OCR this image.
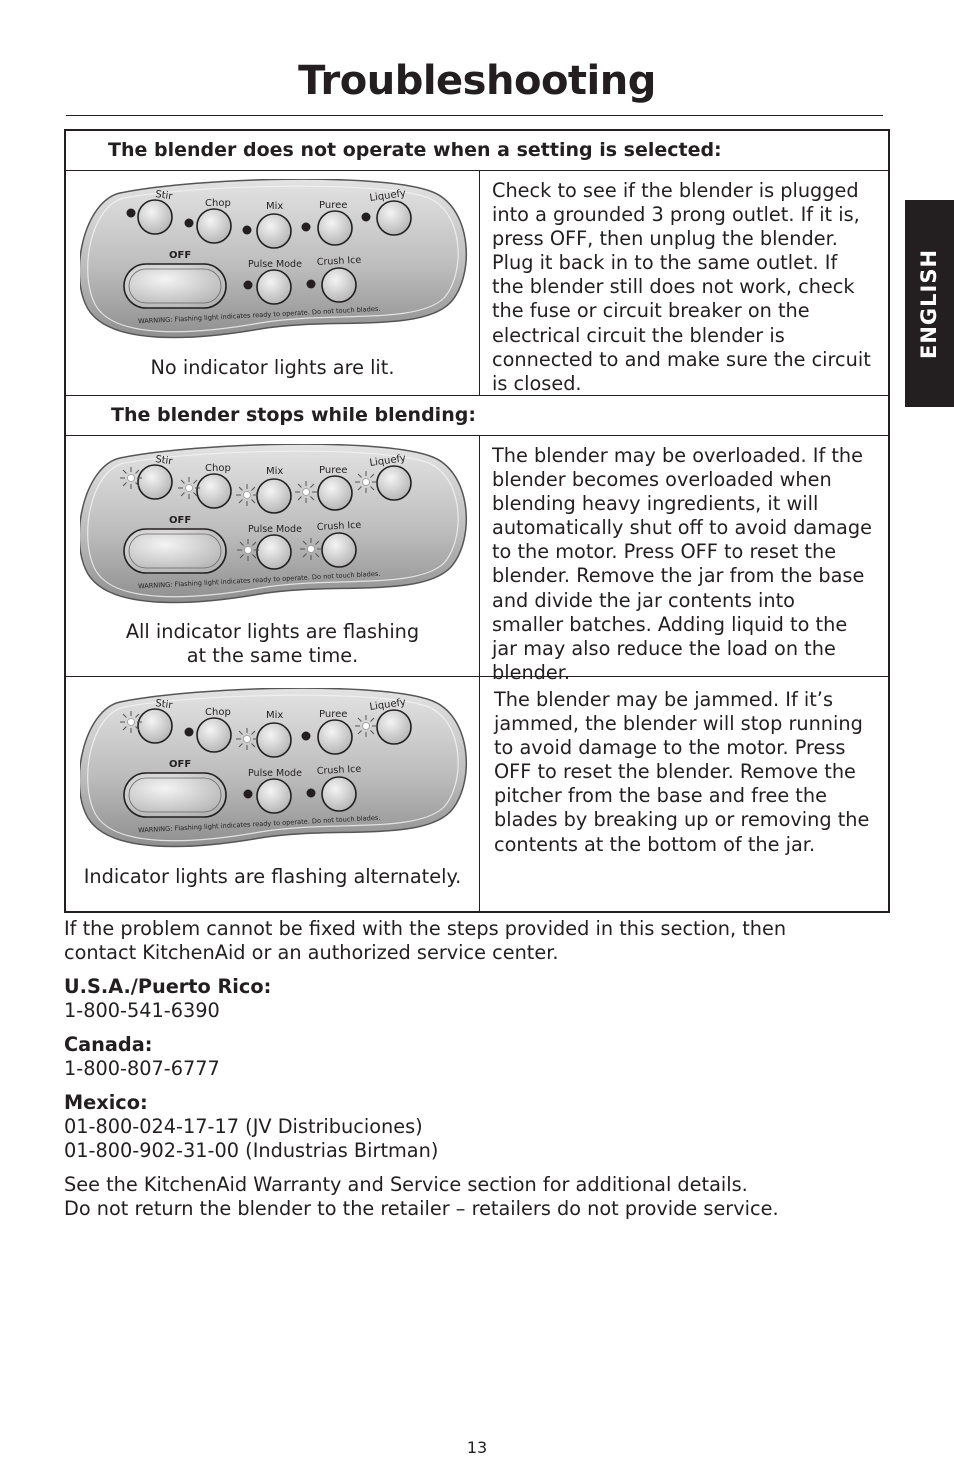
Troubleshooting
ENGLISH
The blender does not operate when a setting is selected:
No indicator lights are lit.
Check to see if the blender is plugged into a grounded 3 prong outlet. If it is, press OFF, then unplug the blender. Plug it back in to the same outlet. If the blender still does not work, check the fuse or circuit breaker on the electrical circuit the blender is connected to and make sure the circuit is closed.
The blender stops while blending:
All indicator lights are flashing
at the same time.
The blender may be overloaded. If the blender becomes overloaded when blending heavy ingredients, it will automatically shut off to avoid damage to the motor. Press OFF to reset the blender. Remove the jar from the base and divide the jar contents into smaller batches. Adding liquid to the jar may also reduce the load on the blender.
Indicator lights are flashing alternately.
The blender may be jammed. If it’s jammed, the blender will stop running to avoid damage to the motor. Press OFF to reset the blender. Remove the pitcher from the base and free the blades by breaking up or removing the contents at the bottom of the jar.

If the problem cannot be fixed with the steps provided in this section, then contact KitchenAid or an authorized service center.

U.S.A./Puerto Rico:
1-800-541-6390

Canada:
1-800-807-6777

Mexico:
01-800-024-17-17 (JV Distribuciones)
01-800-902-31-00 (Industrias Birtman)

See the KitchenAid Warranty and Service section for additional details.
Do not return the blender to the retailer – retailers do not provide service.

13
